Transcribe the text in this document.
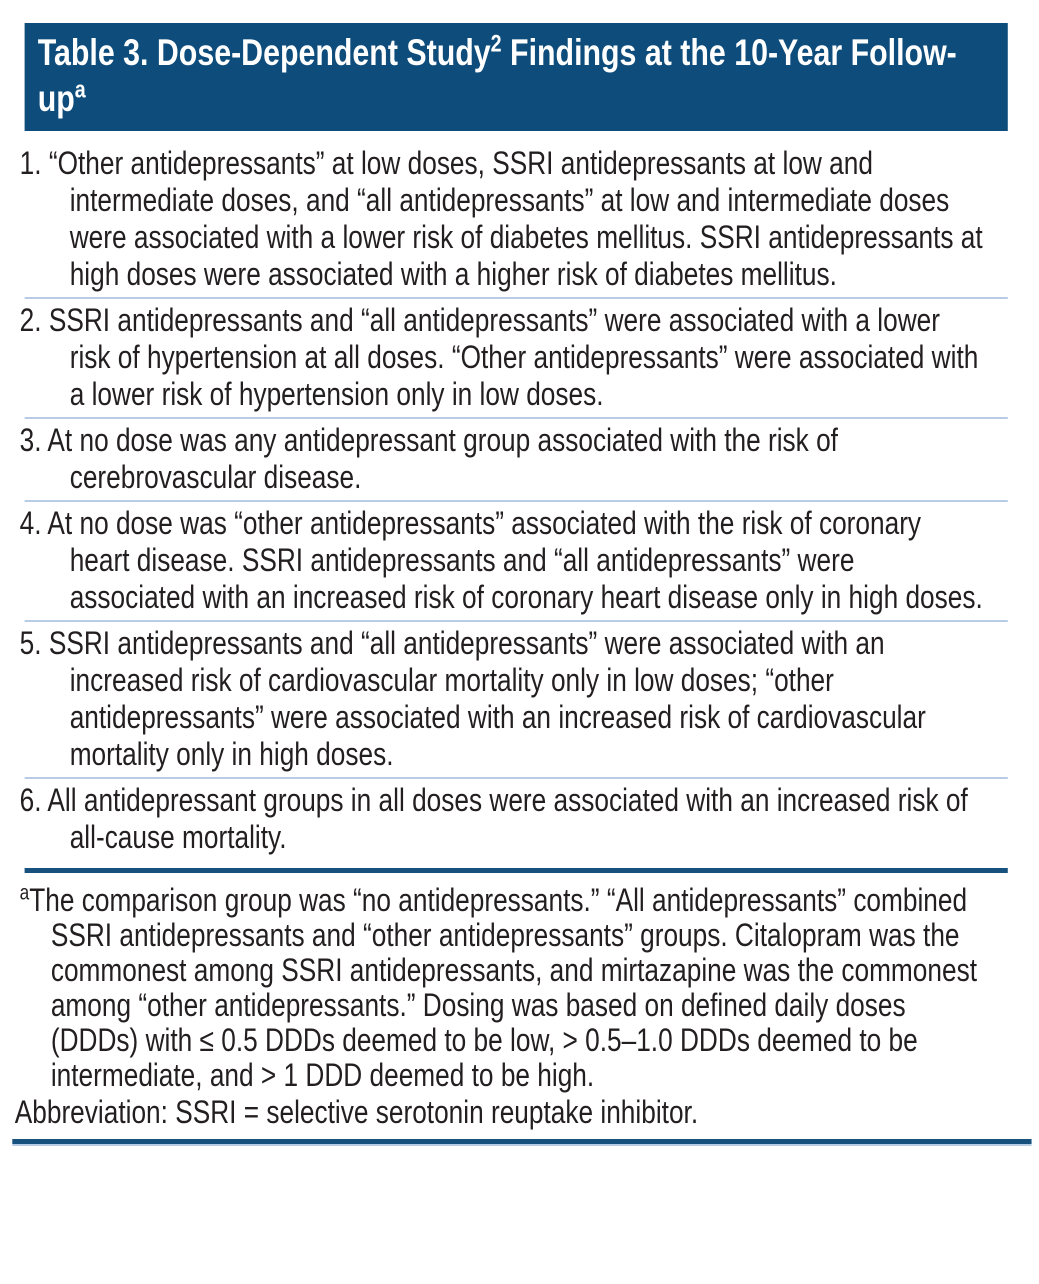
Table 3. Dose-Dependent Study$^2$ Findings at the 10-Year Follow-$up^a$
1. “Other antidepressants” at low doses, SSRI antidepressants at low and intermediate doses, and “all antidepressants” at low and intermediate doses were associated with a lower risk of diabetes mellitus. SSRI antidepressants at high doses were associated with a higher risk of diabetes mellitus.
2. SSRI antidepressants and “all antidepressants” were associated with a lower risk of hypertension at all doses. “Other antidepressants” were associated with a lower risk of hypertension only in low doses.
3. At no dose was any antidepressant group associated with the risk of cerebrovascular disease.
4. At no dose was “other antidepressants” associated with the risk of coronary heart disease. SSRI antidepressants and “all antidepressants” were associated with an increased risk of coronary heart disease only in high doses.
5. SSRI antidepressants and “all antidepressants” were associated with an increased risk of cardiovascular mortality only in low doses; “other antidepressants” were associated with an increased risk of cardiovascular mortality only in high doses.
6. All antidepressant groups in all doses were associated with an increased risk of all-cause mortality.
$^a$The comparison group was “no antidepressants.” “All antidepressants” combined SSRI antidepressants and “other antidepressants” groups. Citalopram was the commonest among SSRI antidepressants, and mirtazapine was the commonest among “other antidepressants.” Dosing was based on defined daily doses (DDDs) with ≤ 0.5 DDDs deemed to be low, > 0.5–1.0 DDDs deemed to be intermediate, and > 1 DDD deemed to be high.
Abbreviation: SSRI = selective serotonin reuptake inhibitor.
